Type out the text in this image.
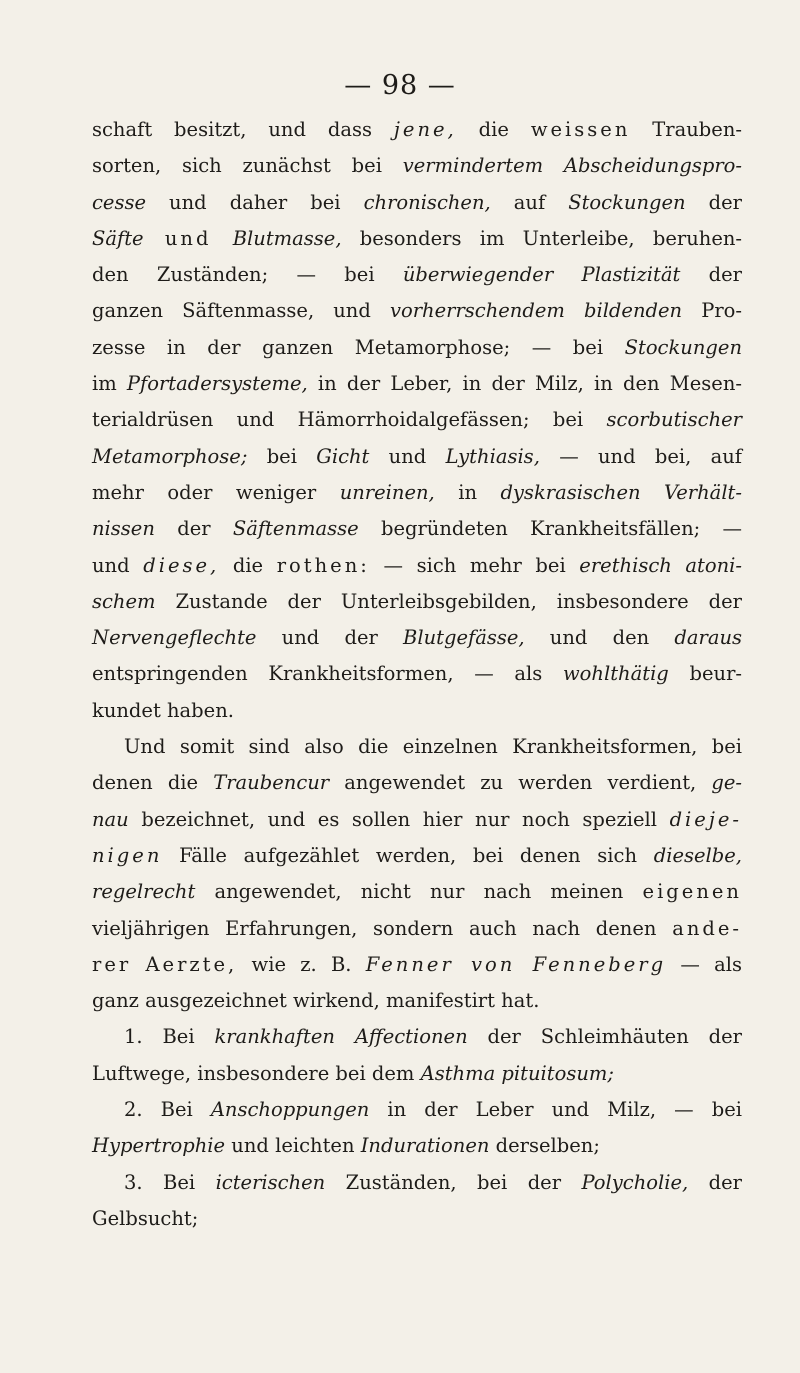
— 98 —
schaft besitzt, und dass jene, die weissen Trauben-
sorten, sich zunächst bei vermindertem Abscheidungspro-
cesse und daher bei chronischen, auf Stockungen der
Säfte und Blutmasse, besonders im Unterleibe, beruhen-
den Zuständen; — bei überwiegender Plastizität der
ganzen Säftenmasse, und vorherrschendem bildenden Pro-
zesse in der ganzen Metamorphose; — bei Stockungen
im Pfortadersysteme, in der Leber, in der Milz, in den Mesen-
terialdrüsen und Hämorrhoidalgefässen; bei scorbutischer
Metamorphose; bei Gicht und Lythiasis, — und bei, auf
mehr oder weniger unreinen, in dyskrasischen Verhält-
nissen der Säftenmasse begründeten Krankheitsfällen; —
und diese, die rothen: — sich mehr bei erethisch atoni-
schem Zustande der Unterleibsgebilden, insbesondere der
Nervengeflechte und der Blutgefässe, und den daraus
entspringenden Krankheitsformen, — als wohlthätig beur-
kundet haben.
Und somit sind also die einzelnen Krankheitsformen, bei
denen die Traubencur angewendet zu werden verdient, ge-
nau bezeichnet, und es sollen hier nur noch speziell dieje-
nigen Fälle aufgezählet werden, bei denen sich dieselbe,
regelrecht angewendet, nicht nur nach meinen eigenen
vieljährigen Erfahrungen, sondern auch nach denen ande-
rer Aerzte, wie z. B. Fenner von Fenneberg — als
ganz ausgezeichnet wirkend, manifestirt hat.
1. Bei krankhaften Affectionen der Schleimhäuten der
Luftwege, insbesondere bei dem Asthma pituitosum;
2. Bei Anschoppungen in der Leber und Milz, — bei
Hypertrophie und leichten Indurationen derselben;
3. Bei icterischen Zuständen, bei der Polycholie, der
Gelbsucht;
